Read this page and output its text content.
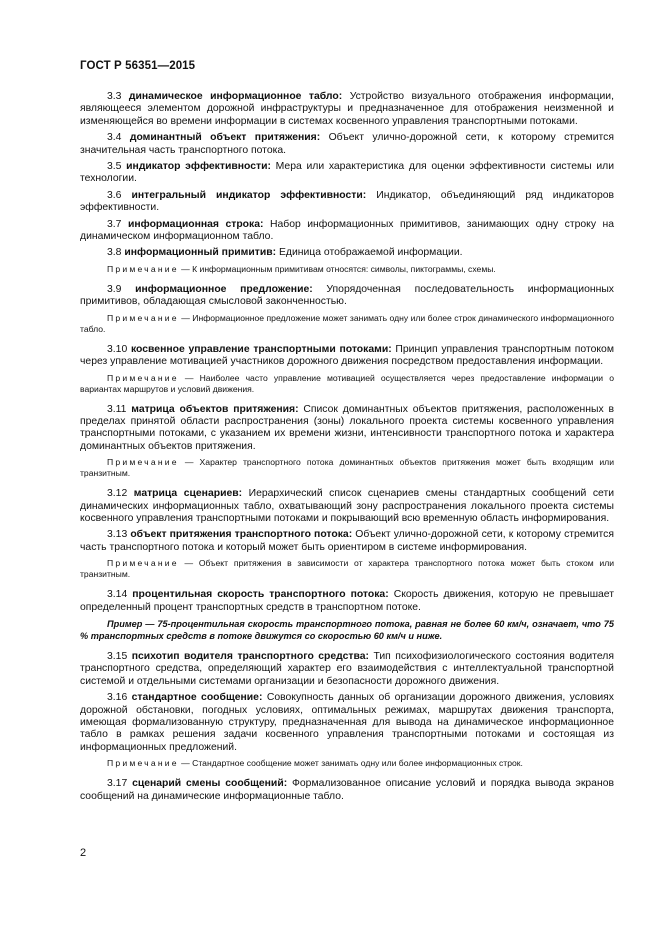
ГОСТ Р 56351—2015

3.3 динамическое информационное табло: Устройство визуального отображения информации, являющееся элементом дорожной инфраструктуры и предназначенное для отображения неизменной и изменяющейся во времени информации в системах косвенного управления транспортными потоками.

3.4 доминантный объект притяжения: Объект улично-дорожной сети, к которому стремится значительная часть транспортного потока.

3.5 индикатор эффективности: Мера или характеристика для оценки эффективности системы или технологии.

3.6 интегральный индикатор эффективности: Индикатор, объединяющий ряд индикаторов эффективности.

3.7 информационная строка: Набор информационных примитивов, занимающих одну строку на динамическом информационном табло.

3.8 информационный примитив: Единица отображаемой информации.

Примечание — К информационным примитивам относятся: символы, пиктограммы, схемы.

3.9 информационное предложение: Упорядоченная последовательность информационных примитивов, обладающая смысловой законченностью.

Примечание — Информационное предложение может занимать одну или более строк динамического информационного табло.

3.10 косвенное управление транспортными потоками: Принцип управления транспортным потоком через управление мотивацией участников дорожного движения посредством предоставления информации.

Примечание — Наиболее часто управление мотивацией осуществляется через предоставление информации о вариантах маршрутов и условий движения.

3.11 матрица объектов притяжения: Список доминантных объектов притяжения, расположенных в пределах принятой области распространения (зоны) локального проекта системы косвенного управления транспортными потоками, с указанием их времени жизни, интенсивности транспортного потока и характера доминантных объектов притяжения.

Примечание — Характер транспортного потока доминантных объектов притяжения может быть входящим или транзитным.

3.12 матрица сценариев: Иерархический список сценариев смены стандартных сообщений сети динамических информационных табло, охватывающий зону распространения локального проекта системы косвенного управления транспортными потоками и покрывающий всю временную область информирования.

3.13 объект притяжения транспортного потока: Объект улично-дорожной сети, к которому стремится часть транспортного потока и который может быть ориентиром в системе информирования.

Примечание — Объект притяжения в зависимости от характера транспортного потока может быть стоком или транзитным.

3.14 процентильная скорость транспортного потока: Скорость движения, которую не превышает определенный процент транспортных средств в транспортном потоке.

Пример — 75-процентильная скорость транспортного потока, равная не более 60 км/ч, означает, что 75 % транспортных средств в потоке движутся со скоростью 60 км/ч и ниже.

3.15 психотип водителя транспортного средства: Тип психофизиологического состояния водителя транспортного средства, определяющий характер его взаимодействия с интеллектуальной транспортной системой и отдельными системами организации и безопасности дорожного движения.

3.16 стандартное сообщение: Совокупность данных об организации дорожного движения, условиях дорожной обстановки, погодных условиях, оптимальных режимах, маршрутах движения транспорта, имеющая формализованную структуру, предназначенная для вывода на динамическое информационное табло в рамках решения задачи косвенного управления транспортными потоками и состоящая из информационных предложений.

Примечание — Стандартное сообщение может занимать одну или более информационных строк.

3.17 сценарий смены сообщений: Формализованное описание условий и порядка вывода экранов сообщений на динамические информационные табло.

2
